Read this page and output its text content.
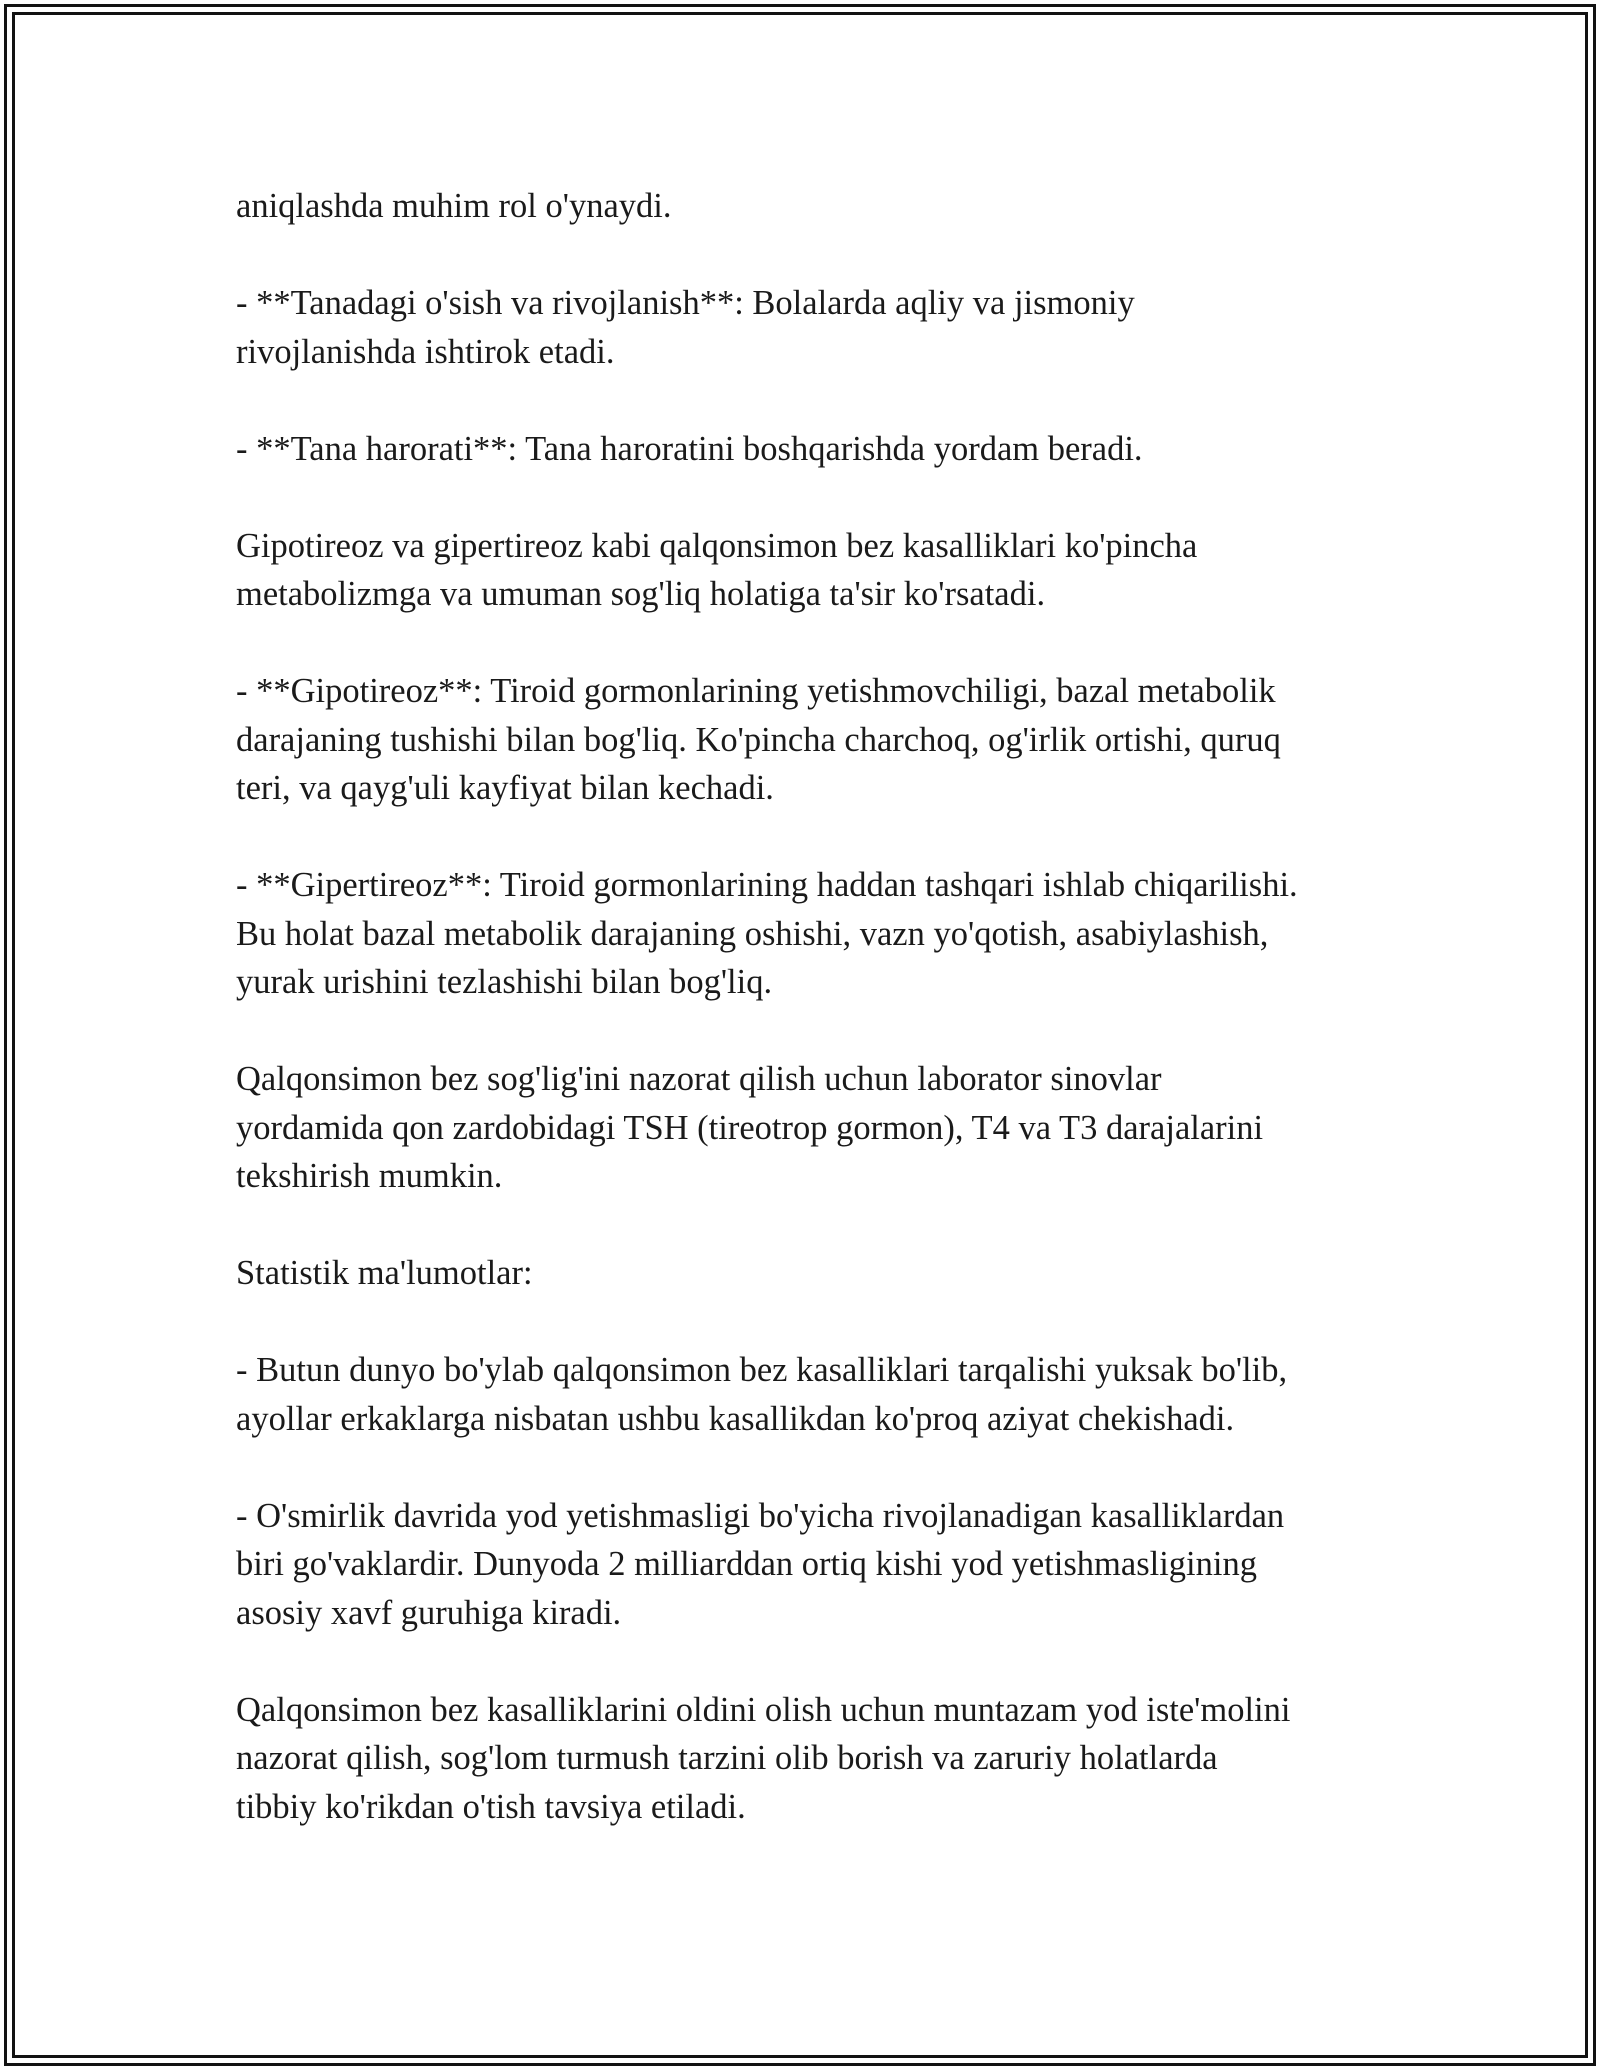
aniqlashda muhim rol o'ynaydi.
- **Tanadagi o'sish va rivojlanish**: Bolalarda aqliy va jismoniy
rivojlanishda ishtirok etadi.
- **Tana harorati**: Tana haroratini boshqarishda yordam beradi.
Gipotireoz va gipertireoz kabi qalqonsimon bez kasalliklari ko'pincha
metabolizmga va umuman sog'liq holatiga ta'sir ko'rsatadi.
- **Gipotireoz**: Tiroid gormonlarining yetishmovchiligi, bazal metabolik
darajaning tushishi bilan bog'liq. Ko'pincha charchoq, og'irlik ortishi, quruq
teri, va qayg'uli kayfiyat bilan kechadi.
- **Gipertireoz**: Tiroid gormonlarining haddan tashqari ishlab chiqarilishi.
Bu holat bazal metabolik darajaning oshishi, vazn yo'qotish, asabiylashish,
yurak urishini tezlashishi bilan bog'liq.
Qalqonsimon bez sog'lig'ini nazorat qilish uchun laborator sinovlar
yordamida qon zardobidagi TSH (tireotrop gormon), T4 va T3 darajalarini
tekshirish mumkin.
Statistik ma'lumotlar:
- Butun dunyo bo'ylab qalqonsimon bez kasalliklari tarqalishi yuksak bo'lib,
ayollar erkaklarga nisbatan ushbu kasallikdan ko'proq aziyat chekishadi.
- O'smirlik davrida yod yetishmasligi bo'yicha rivojlanadigan kasalliklardan
biri go'vaklardir. Dunyoda 2 milliarddan ortiq kishi yod yetishmasligining
asosiy xavf guruhiga kiradi.
Qalqonsimon bez kasalliklarini oldini olish uchun muntazam yod iste'molini
nazorat qilish, sog'lom turmush tarzini olib borish va zaruriy holatlarda
tibbiy ko'rikdan o'tish tavsiya etiladi.
